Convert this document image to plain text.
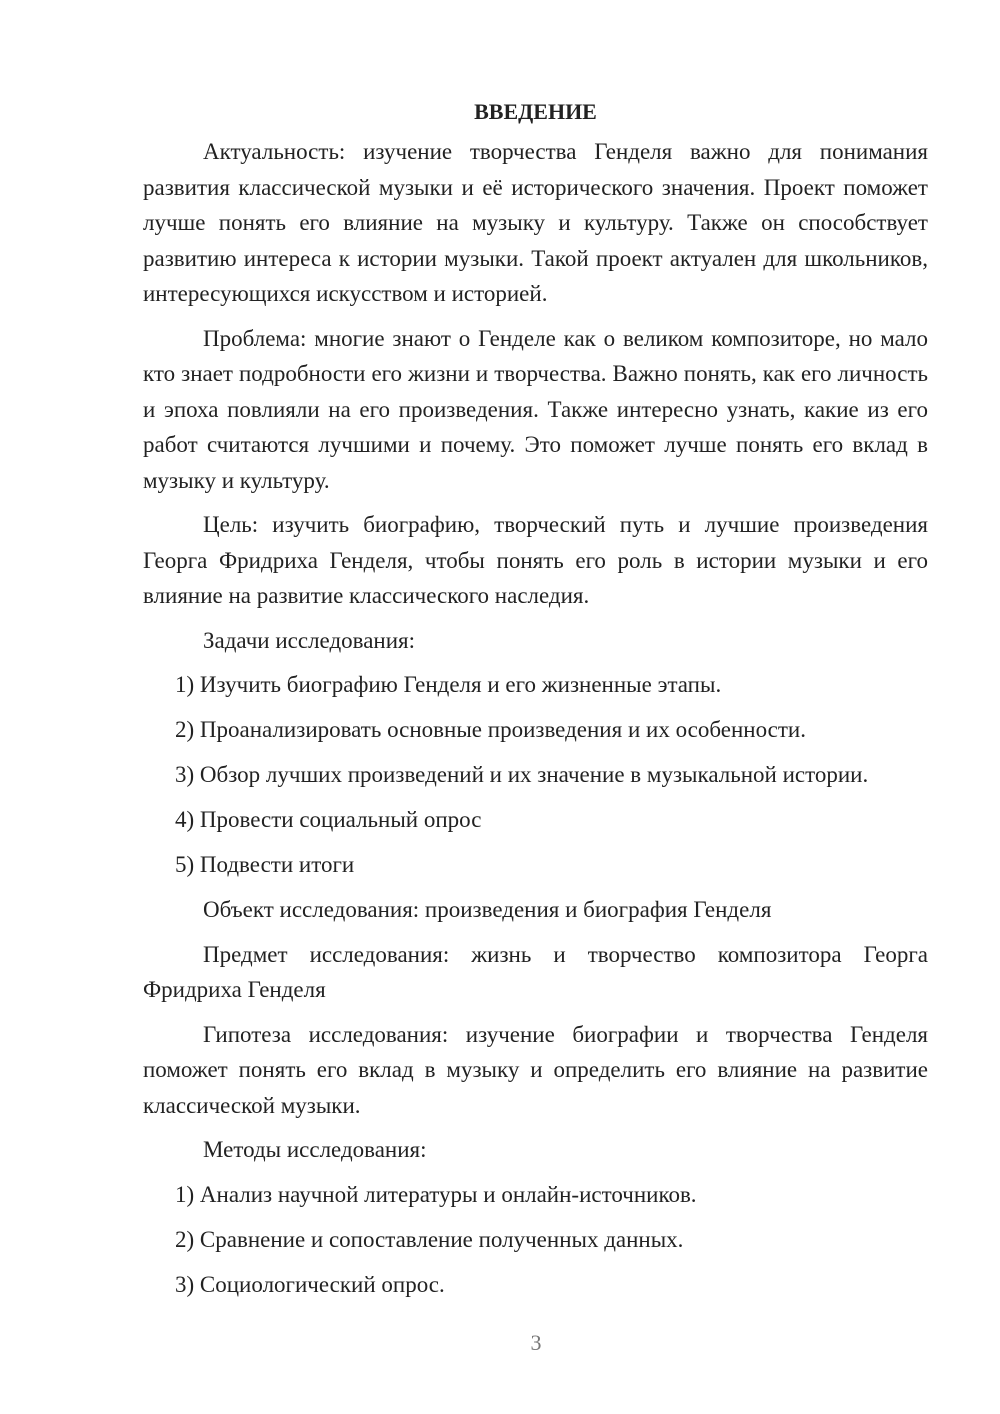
ВВЕДЕНИЕ

Актуальность: изучение творчества Генделя важно для понимания развития классической музыки и её исторического значения. Проект поможет лучше понять его влияние на музыку и культуру. Также он способствует развитию интереса к истории музыки. Такой проект актуален для школьников, интересующихся искусством и историей.

Проблема: многие знают о Генделе как о великом композиторе, но мало кто знает подробности его жизни и творчества. Важно понять, как его личность и эпоха повлияли на его произведения. Также интересно узнать, какие из его работ считаются лучшими и почему. Это поможет лучше понять его вклад в музыку и культуру.

Цель: изучить биографию, творческий путь и лучшие произведения Георга Фридриха Генделя, чтобы понять его роль в истории музыки и его влияние на развитие классического наследия.

Задачи исследования:

1) Изучить биографию Генделя и его жизненные этапы.

2) Проанализировать основные произведения и их особенности.

3) Обзор лучших произведений и их значение в музыкальной истории.

4) Провести социальный опрос

5) Подвести итоги

Объект исследования: произведения и биография Генделя

Предмет исследования: жизнь и творчество композитора Георга Фридриха Генделя

Гипотеза исследования: изучение биографии и творчества Генделя поможет понять его вклад в музыку и определить его влияние на развитие классической музыки.

Методы исследования:

1) Анализ научной литературы и онлайн-источников.

2) Сравнение и сопоставление полученных данных.

3) Социологический опрос.

3
